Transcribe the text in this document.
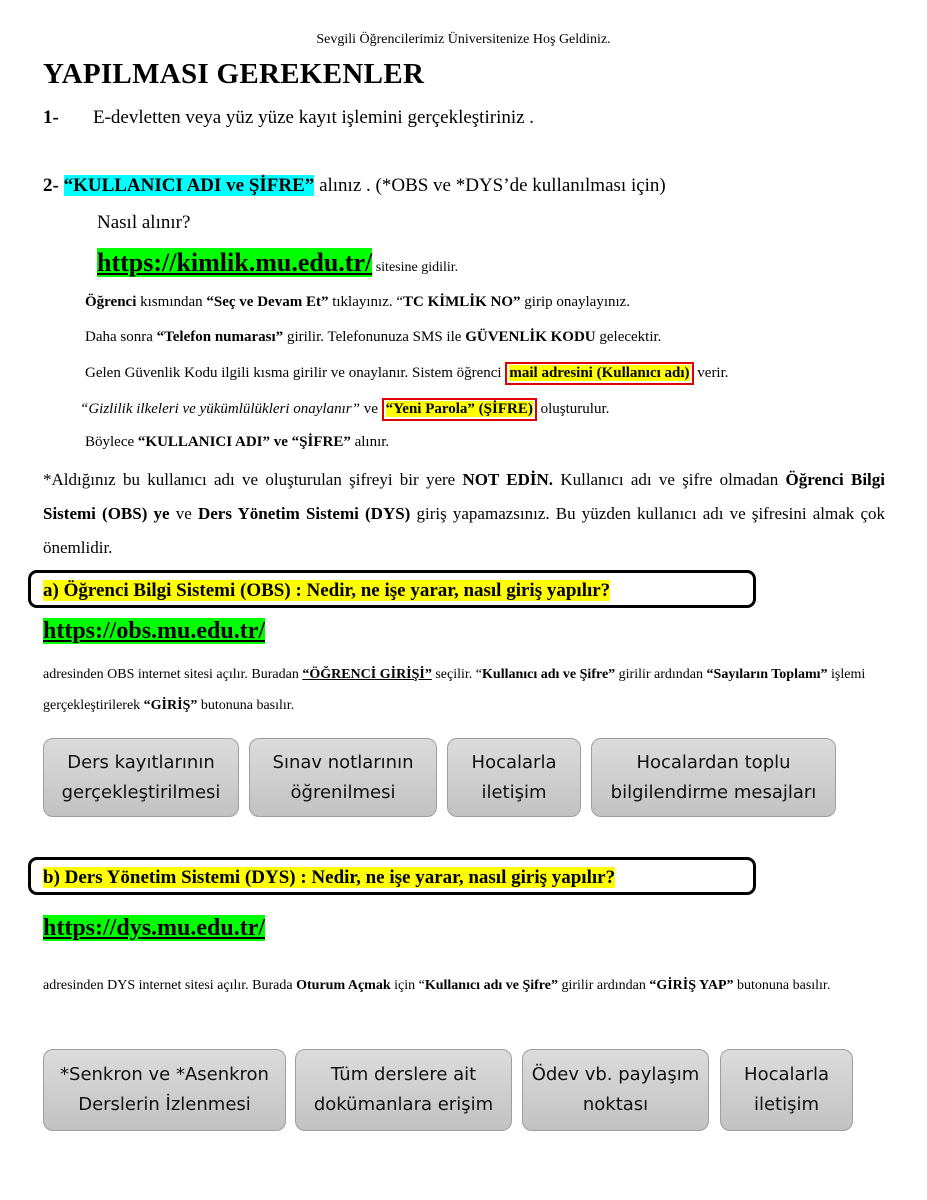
Sevgili Öğrencilerimiz Üniversitenize Hoş Geldiniz.
YAPILMASI GEREKENLER
1- E-devletten veya yüz yüze kayıt işlemini gerçekleştiriniz .
2- “KULLANICI ADI ve ŞİFRE” alınız . (*OBS ve *DYS’de kullanılması için)
Nasıl alınır?
https://kimlik.mu.edu.tr/ sitesine gidilir.
Öğrenci kısmından “Seç ve Devam Et” tıklayınız. “TC KİMLİK NO” girip onaylayınız.
Daha sonra “Telefon numarası” girilir. Telefonunuza SMS ile GÜVENLİK KODU gelecektir.
Gelen Güvenlik Kodu ilgili kısma girilir ve onaylanır. Sistem öğrenci mail adresini (Kullanıcı adı) verir.
“Gizlilik ilkeleri ve yükümlülükleri onaylanır” ve “Yeni Parola” (ŞİFRE) oluşturulur.
Böylece “KULLANICI ADI” ve “ŞİFRE” alınır.
*Aldığınız bu kullanıcı adı ve oluşturulan şifreyi bir yere NOT EDİN. Kullanıcı adı ve şifre olmadan Öğrenci Bilgi Sistemi (OBS) ye ve Ders Yönetim Sistemi (DYS) giriş yapamazsınız. Bu yüzden kullanıcı adı ve şifresini almak çok önemlidir.
a) Öğrenci Bilgi Sistemi (OBS) : Nedir, ne işe yarar, nasıl giriş yapılır?
https://obs.mu.edu.tr/
adresinden OBS internet sitesi açılır. Buradan “ÖĞRENCİ GİRİŞİ” seçilir. “Kullanıcı adı ve Şifre” girilir ardından “Sayıların Toplamı” işlemi gerçekleştirilerek “GİRİŞ” butonuna basılır.
Ders kayıtlarının gerçekleştirilmesi
Sınav notlarının öğrenilmesi
Hocalarla iletişim
Hocalardan toplu bilgilendirme mesajları
b) Ders Yönetim Sistemi (DYS) : Nedir, ne işe yarar, nasıl giriş yapılır?
https://dys.mu.edu.tr/
adresinden DYS internet sitesi açılır. Burada Oturum Açmak için “Kullanıcı adı ve Şifre” girilir ardından “GİRİŞ YAP” butonuna basılır.
*Senkron ve *Asenkron Derslerin İzlenmesi
Tüm derslere ait dokümanlara erişim
Ödev vb. paylaşım noktası
Hocalarla iletişim
